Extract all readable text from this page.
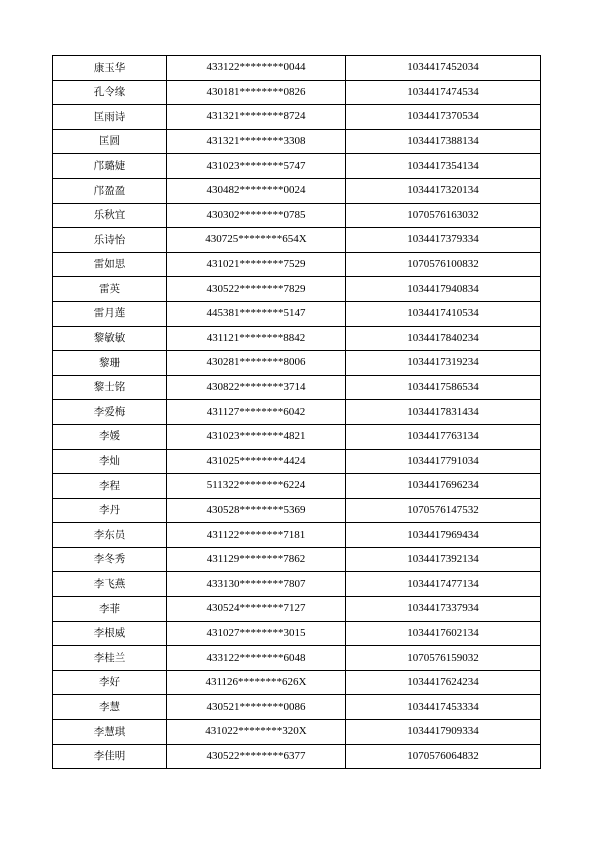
康玉华	433122********0044	1034417452034
孔令缘	430181********0826	1034417474534
匡雨诗	431321********8724	1034417370534
匡圆	431321********3308	1034417388134
邝璐婕	431023********5747	1034417354134
邝盈盈	430482********0024	1034417320134
乐秋宜	430302********0785	1070576163032
乐诗怡	430725********654X	1034417379334
雷如思	431021********7529	1070576100832
雷英	430522********7829	1034417940834
雷月莲	445381********5147	1034417410534
黎敏敏	431121********8842	1034417840234
黎珊	430281********8006	1034417319234
黎士铭	430822********3714	1034417586534
李爱梅	431127********6042	1034417831434
李媛	431023********4821	1034417763134
李灿	431025********4424	1034417791034
李程	511322********6224	1034417696234
李丹	430528********5369	1070576147532
李东员	431122********7181	1034417969434
李冬秀	431129********7862	1034417392134
李飞燕	433130********7807	1034417477134
李菲	430524********7127	1034417337934
李根威	431027********3015	1034417602134
李桂兰	433122********6048	1070576159032
李好	431126********626X	1034417624234
李慧	430521********0086	1034417453334
李慧琪	431022********320X	1034417909334
李佳明	430522********6377	1070576064832
